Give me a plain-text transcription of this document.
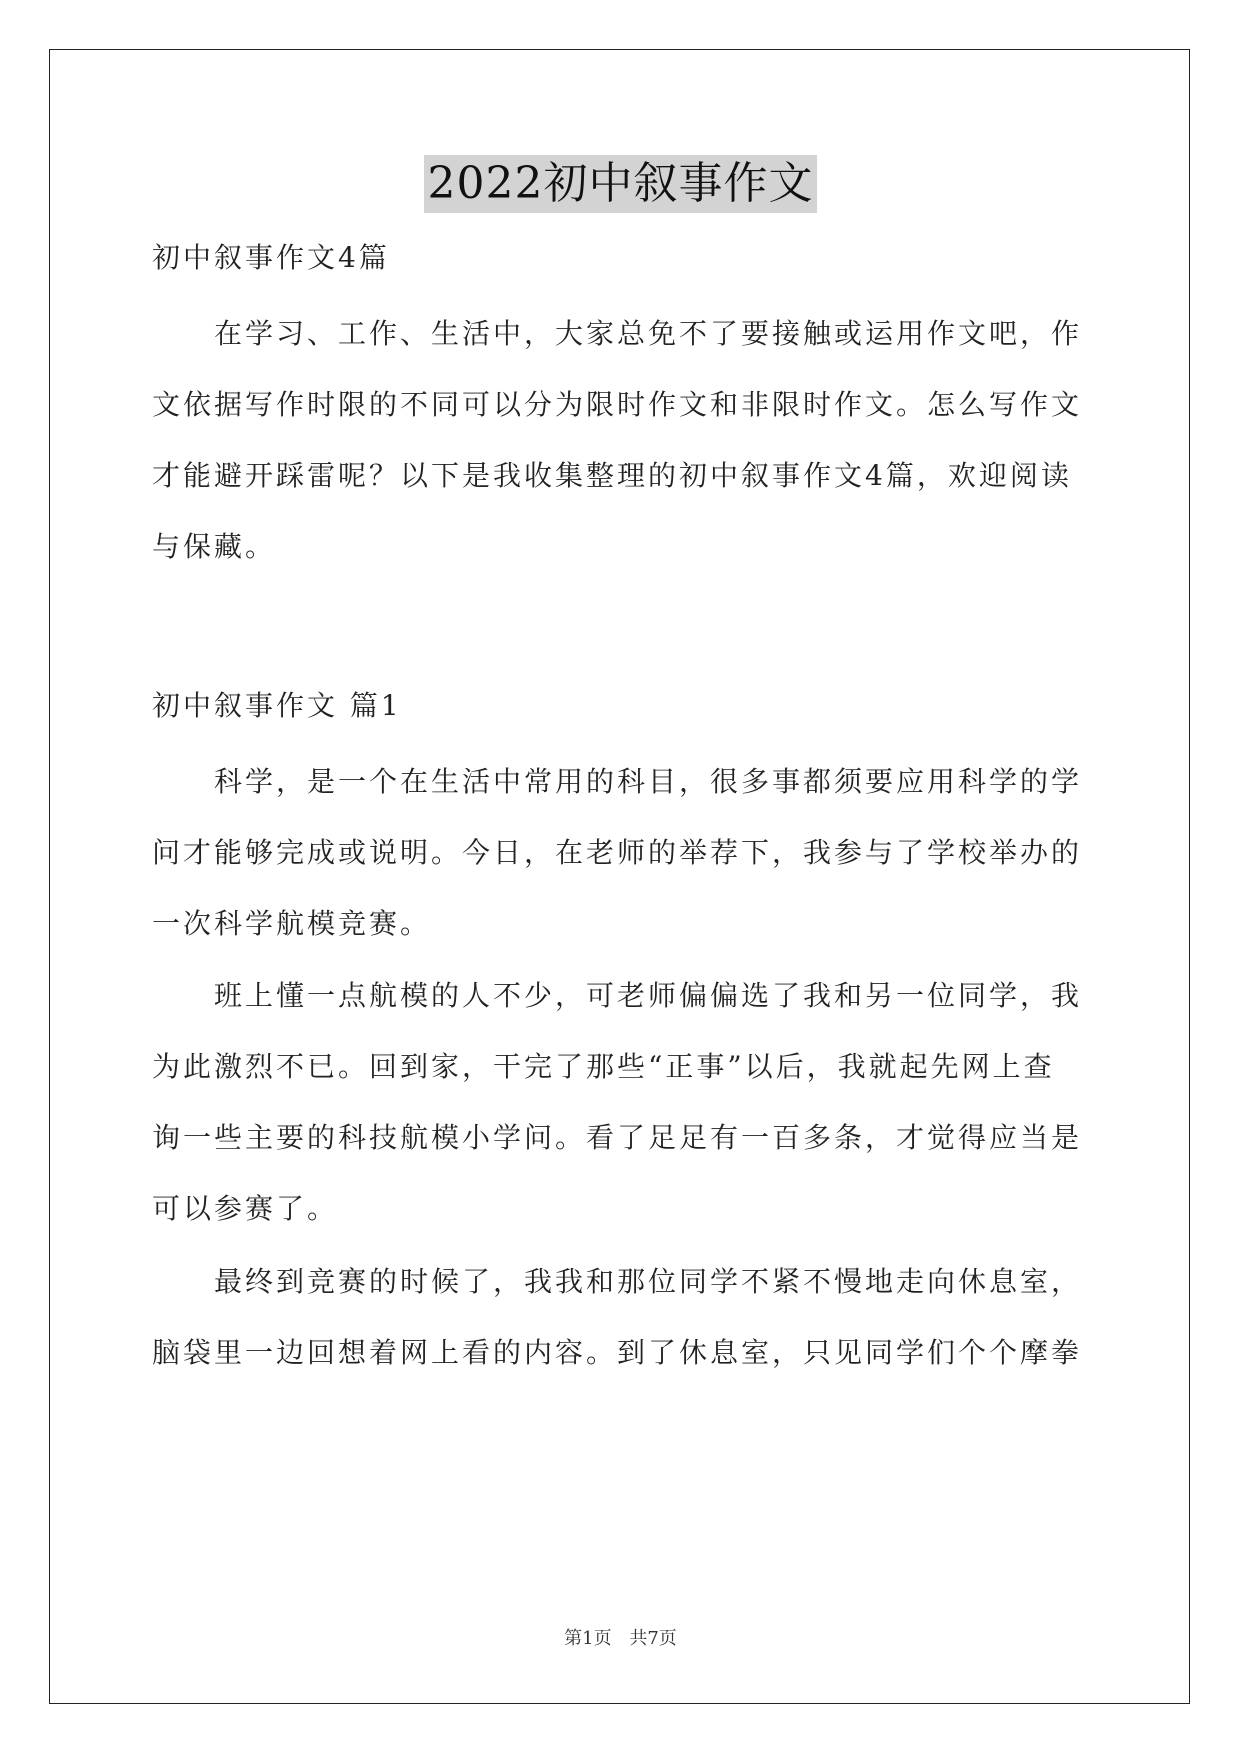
2022初中叙事作文
初中叙事作文4篇
在学习、工作、生活中，大家总免不了要接触或运用作文吧，作
文依据写作时限的不同可以分为限时作文和非限时作文。怎么写作文
才能避开踩雷呢？以下是我收集整理的初中叙事作文4篇，欢迎阅读
与保藏。
初中叙事作文 篇1
科学，是一个在生活中常用的科目，很多事都须要应用科学的学
问才能够完成或说明。今日，在老师的举荐下，我参与了学校举办的
一次科学航模竞赛。
班上懂一点航模的人不少，可老师偏偏选了我和另一位同学，我
为此激烈不已。回到家，干完了那些“正事”以后，我就起先网上查
询一些主要的科技航模小学问。看了足足有一百多条，才觉得应当是
可以参赛了。
最终到竞赛的时候了，我我和那位同学不紧不慢地走向休息室，
脑袋里一边回想着网上看的内容。到了休息室，只见同学们个个摩拳
第1页 共7页
